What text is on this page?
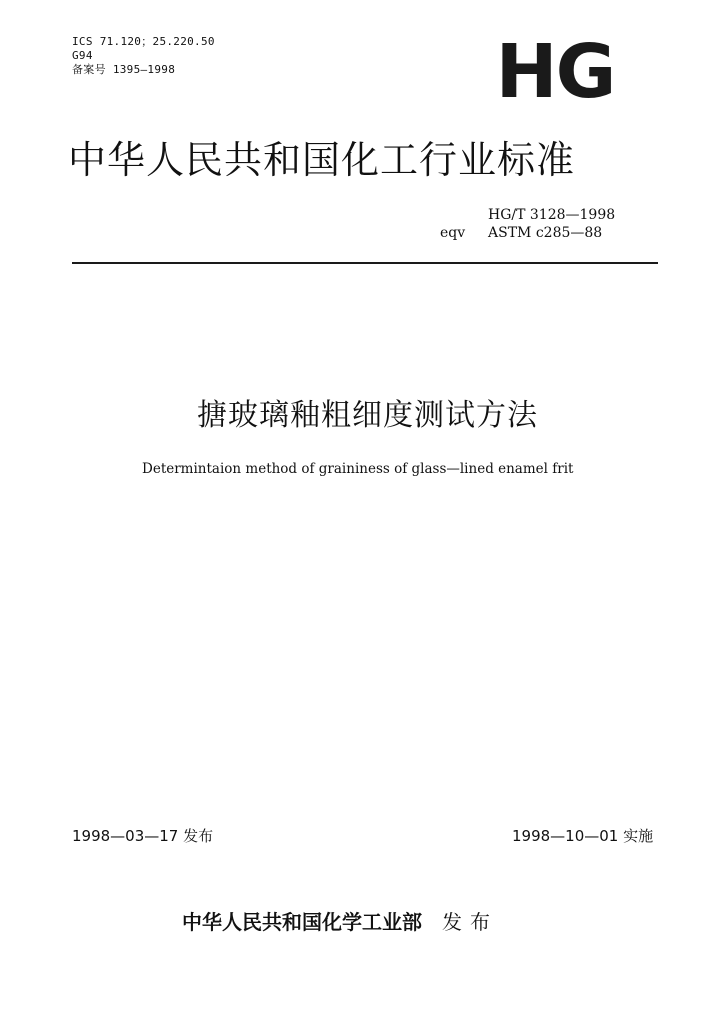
ICS 71.120；25.220.50
G94
备案号 1395—1998	HG
中华人民共和国化工行业标准
HG/T 3128—1998
eqv	ASTM c285—88
搪玻璃釉粗细度测试方法
Determintaion method of graininess of glass—lined enamel frit
1998—03—17 发布	1998—10—01 实施
中华人民共和国化学工业部 发布
